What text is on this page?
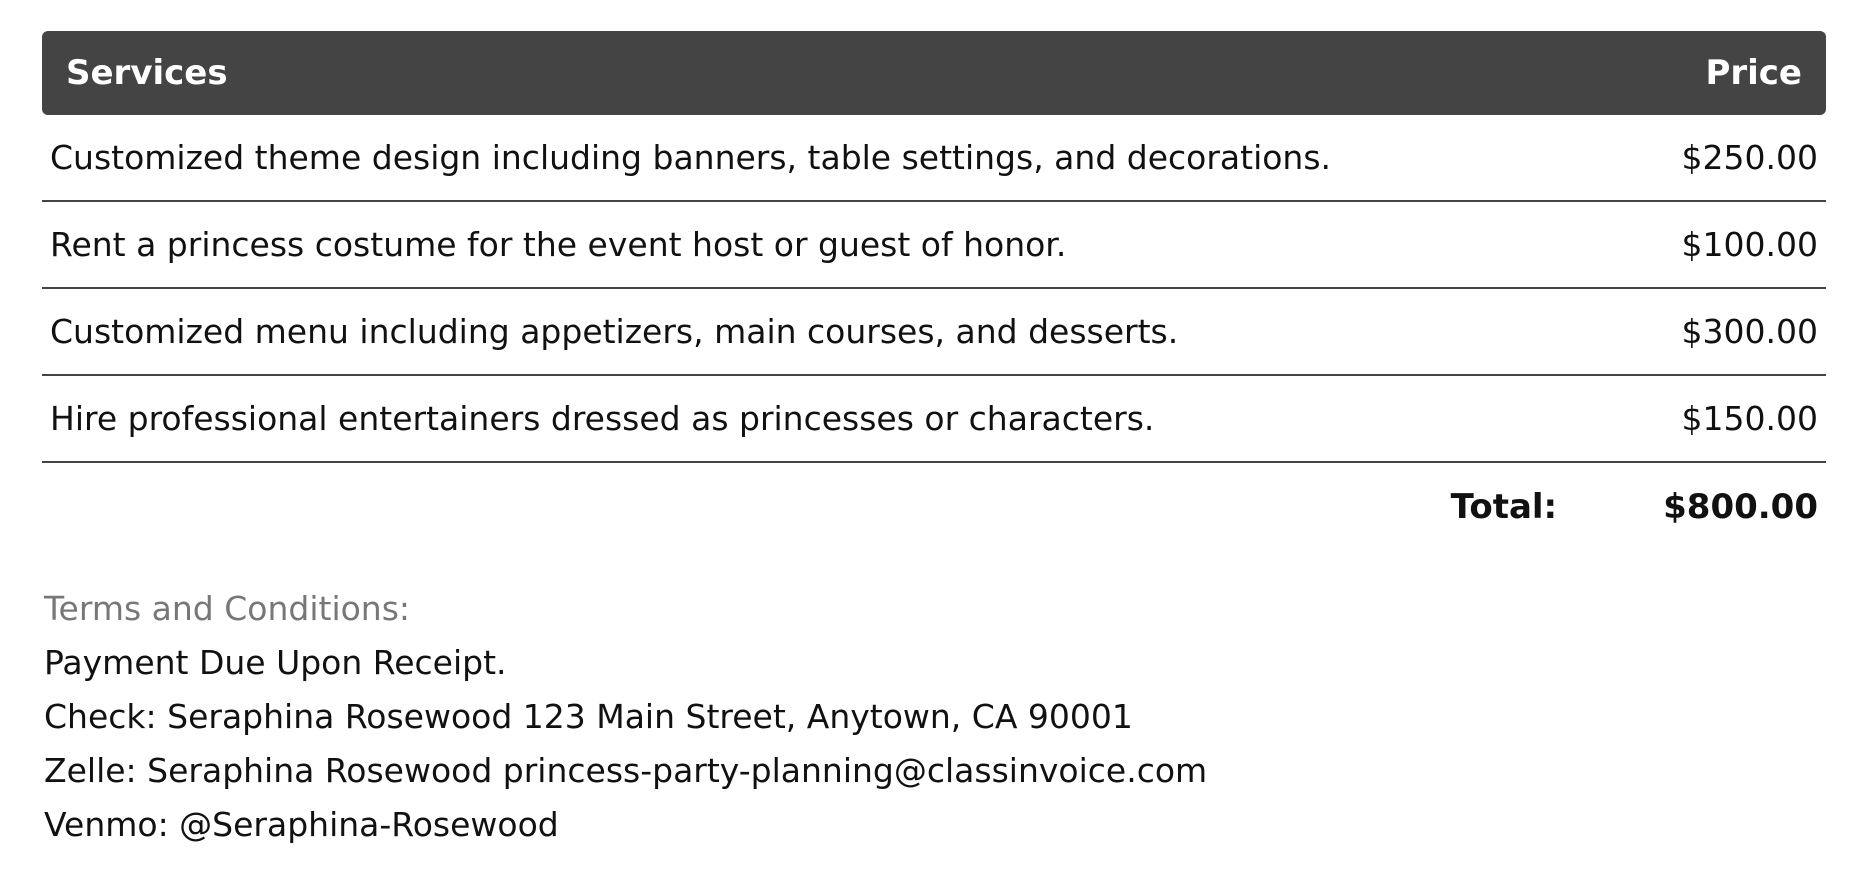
Services	Price
Customized theme design including banners, table settings, and decorations.	$250.00
Rent a princess costume for the event host or guest of honor.	$100.00
Customized menu including appetizers, main courses, and desserts.	$300.00
Hire professional entertainers dressed as princesses or characters.	$150.00
Total:	$800.00
Terms and Conditions:
Payment Due Upon Receipt.
Check: Seraphina Rosewood 123 Main Street, Anytown, CA 90001
Zelle: Seraphina Rosewood princess-party-planning@classinvoice.com
Venmo: @Seraphina-Rosewood
